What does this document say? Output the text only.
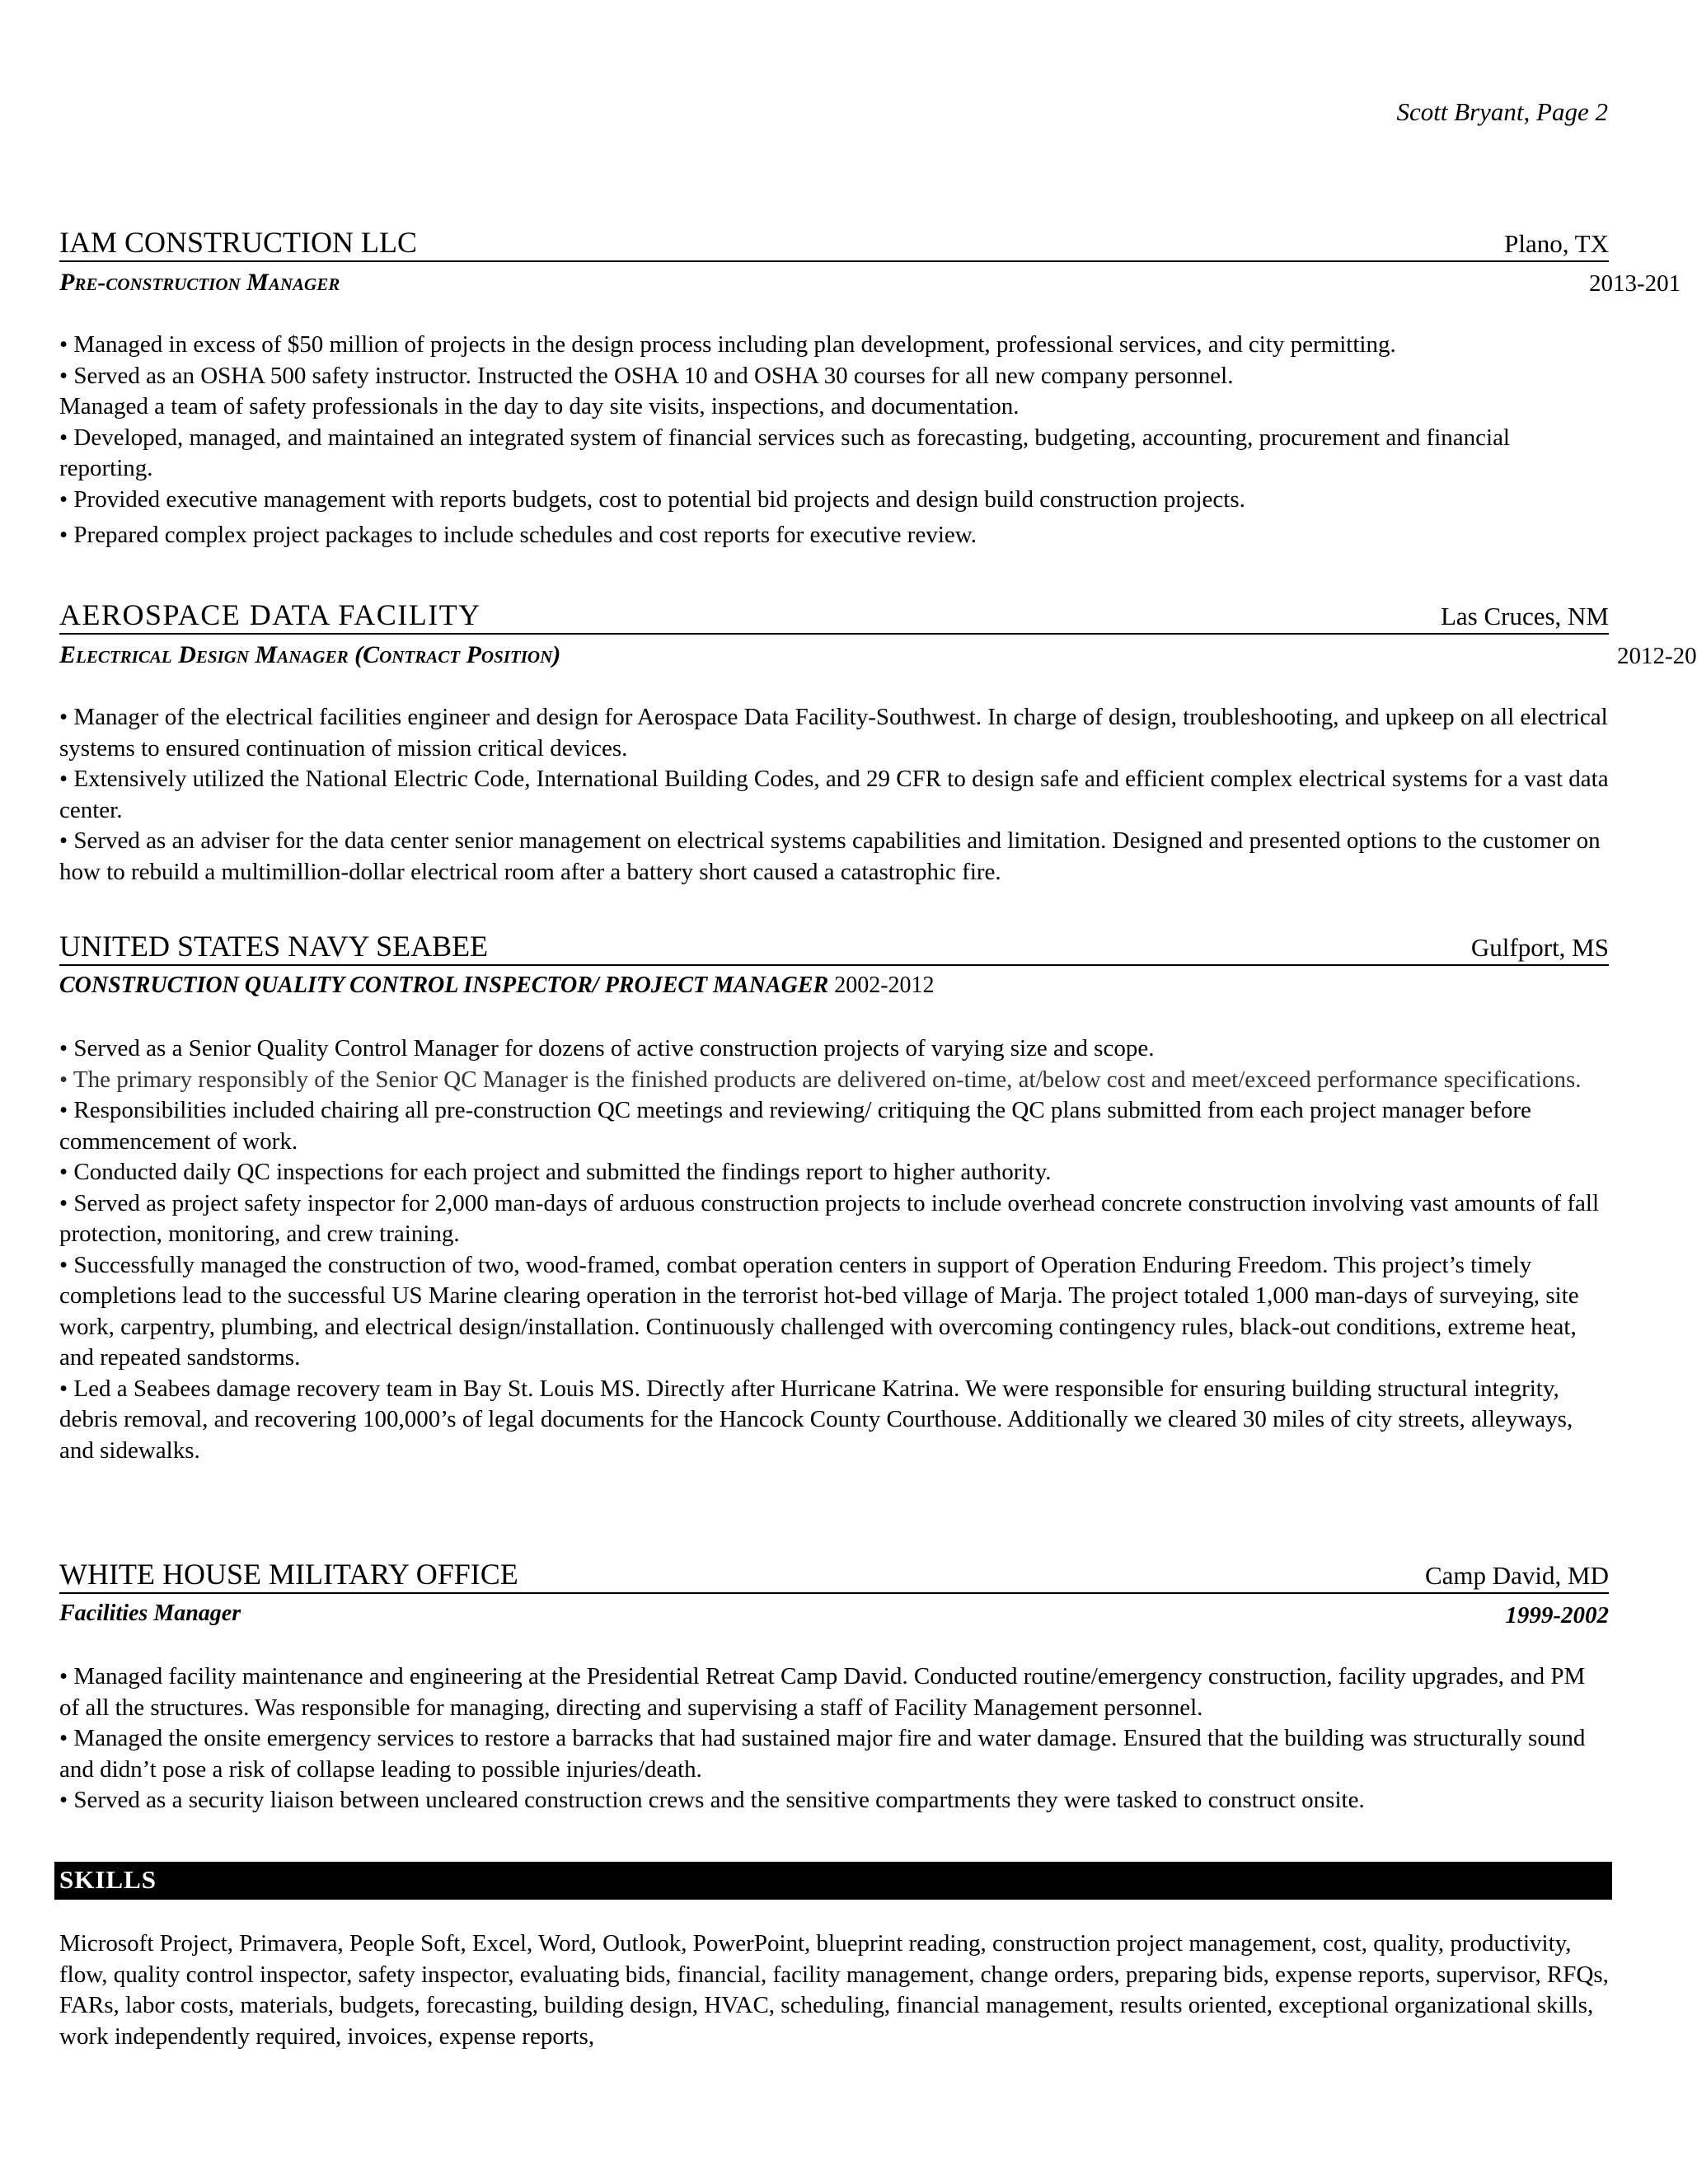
Scott Bryant, Page 2
IAM CONSTRUCTION LLC	Plano, TX
Pre-construction Manager	2013-201

• Managed in excess of $50 million of projects in the design process including plan development, professional services, and city permitting.

• Served as an OSHA 500 safety instructor. Instructed the OSHA 10 and OSHA 30 courses for all new company personnel.

Managed a team of safety professionals in the day to day site visits, inspections, and documentation.

• Developed, managed, and maintained an integrated system of financial services such as forecasting, budgeting, accounting, procurement and financial reporting.

• Provided executive management with reports budgets, cost to potential bid projects and design build construction projects.

• Prepared complex project packages to include schedules and cost reports for executive review.

AEROSPACE DATA FACILITY	Las Cruces, NM
Electrical Design Manager (Contract Position)	2012-20

• Manager of the electrical facilities engineer and design for Aerospace Data Facility-Southwest. In charge of design, troubleshooting, and upkeep on all electrical systems to ensured continuation of mission critical devices.

• Extensively utilized the National Electric Code, International Building Codes, and 29 CFR to design safe and efficient complex electrical systems for a vast data center.

• Served as an adviser for the data center senior management on electrical systems capabilities and limitation. Designed and presented options to the customer on how to rebuild a multimillion-dollar electrical room after a battery short caused a catastrophic fire.

UNITED STATES NAVY SEABEE	Gulfport, MS
CONSTRUCTION QUALITY CONTROL INSPECTOR/ PROJECT MANAGER 2002-2012

• Served as a Senior Quality Control Manager for dozens of active construction projects of varying size and scope.

• The primary responsibly of the Senior QC Manager is the finished products are delivered on-time, at/below cost and meet/exceed performance specifications.

• Responsibilities included chairing all pre-construction QC meetings and reviewing/ critiquing the QC plans submitted from each project manager before commencement of work.

• Conducted daily QC inspections for each project and submitted the findings report to higher authority.

• Served as project safety inspector for 2,000 man-days of arduous construction projects to include overhead concrete construction involving vast amounts of fall protection, monitoring, and crew training.

• Successfully managed the construction of two, wood-framed, combat operation centers in support of Operation Enduring Freedom. This project’s timely completions lead to the successful US Marine clearing operation in the terrorist hot-bed village of Marja. The project totaled 1,000 man-days of surveying, site work, carpentry, plumbing, and electrical design/installation. Continuously challenged with overcoming contingency rules, black-out conditions, extreme heat, and repeated sandstorms.

• Led a Seabees damage recovery team in Bay St. Louis MS. Directly after Hurricane Katrina. We were responsible for ensuring building structural integrity, debris removal, and recovering 100,000’s of legal documents for the Hancock County Courthouse. Additionally we cleared 30 miles of city streets, alleyways, and sidewalks.

WHITE HOUSE MILITARY OFFICE	Camp David, MD
Facilities Manager	1999-2002

• Managed facility maintenance and engineering at the Presidential Retreat Camp David. Conducted routine/emergency construction, facility upgrades, and PM of all the structures. Was responsible for managing, directing and supervising a staff of Facility Management personnel.

• Managed the onsite emergency services to restore a barracks that had sustained major fire and water damage. Ensured that the building was structurally sound and didn’t pose a risk of collapse leading to possible injuries/death.

• Served as a security liaison between uncleared construction crews and the sensitive compartments they were tasked to construct onsite.

SKILLS
Microsoft Project, Primavera, People Soft, Excel, Word, Outlook, PowerPoint, blueprint reading, construction project management, cost, quality, productivity, flow, quality control inspector, safety inspector, evaluating bids, financial, facility management, change orders, preparing bids, expense reports, supervisor, RFQs, FARs, labor costs, materials, budgets, forecasting, building design, HVAC, scheduling, financial management, results oriented, exceptional organizational skills, work independently required, invoices, expense reports,
